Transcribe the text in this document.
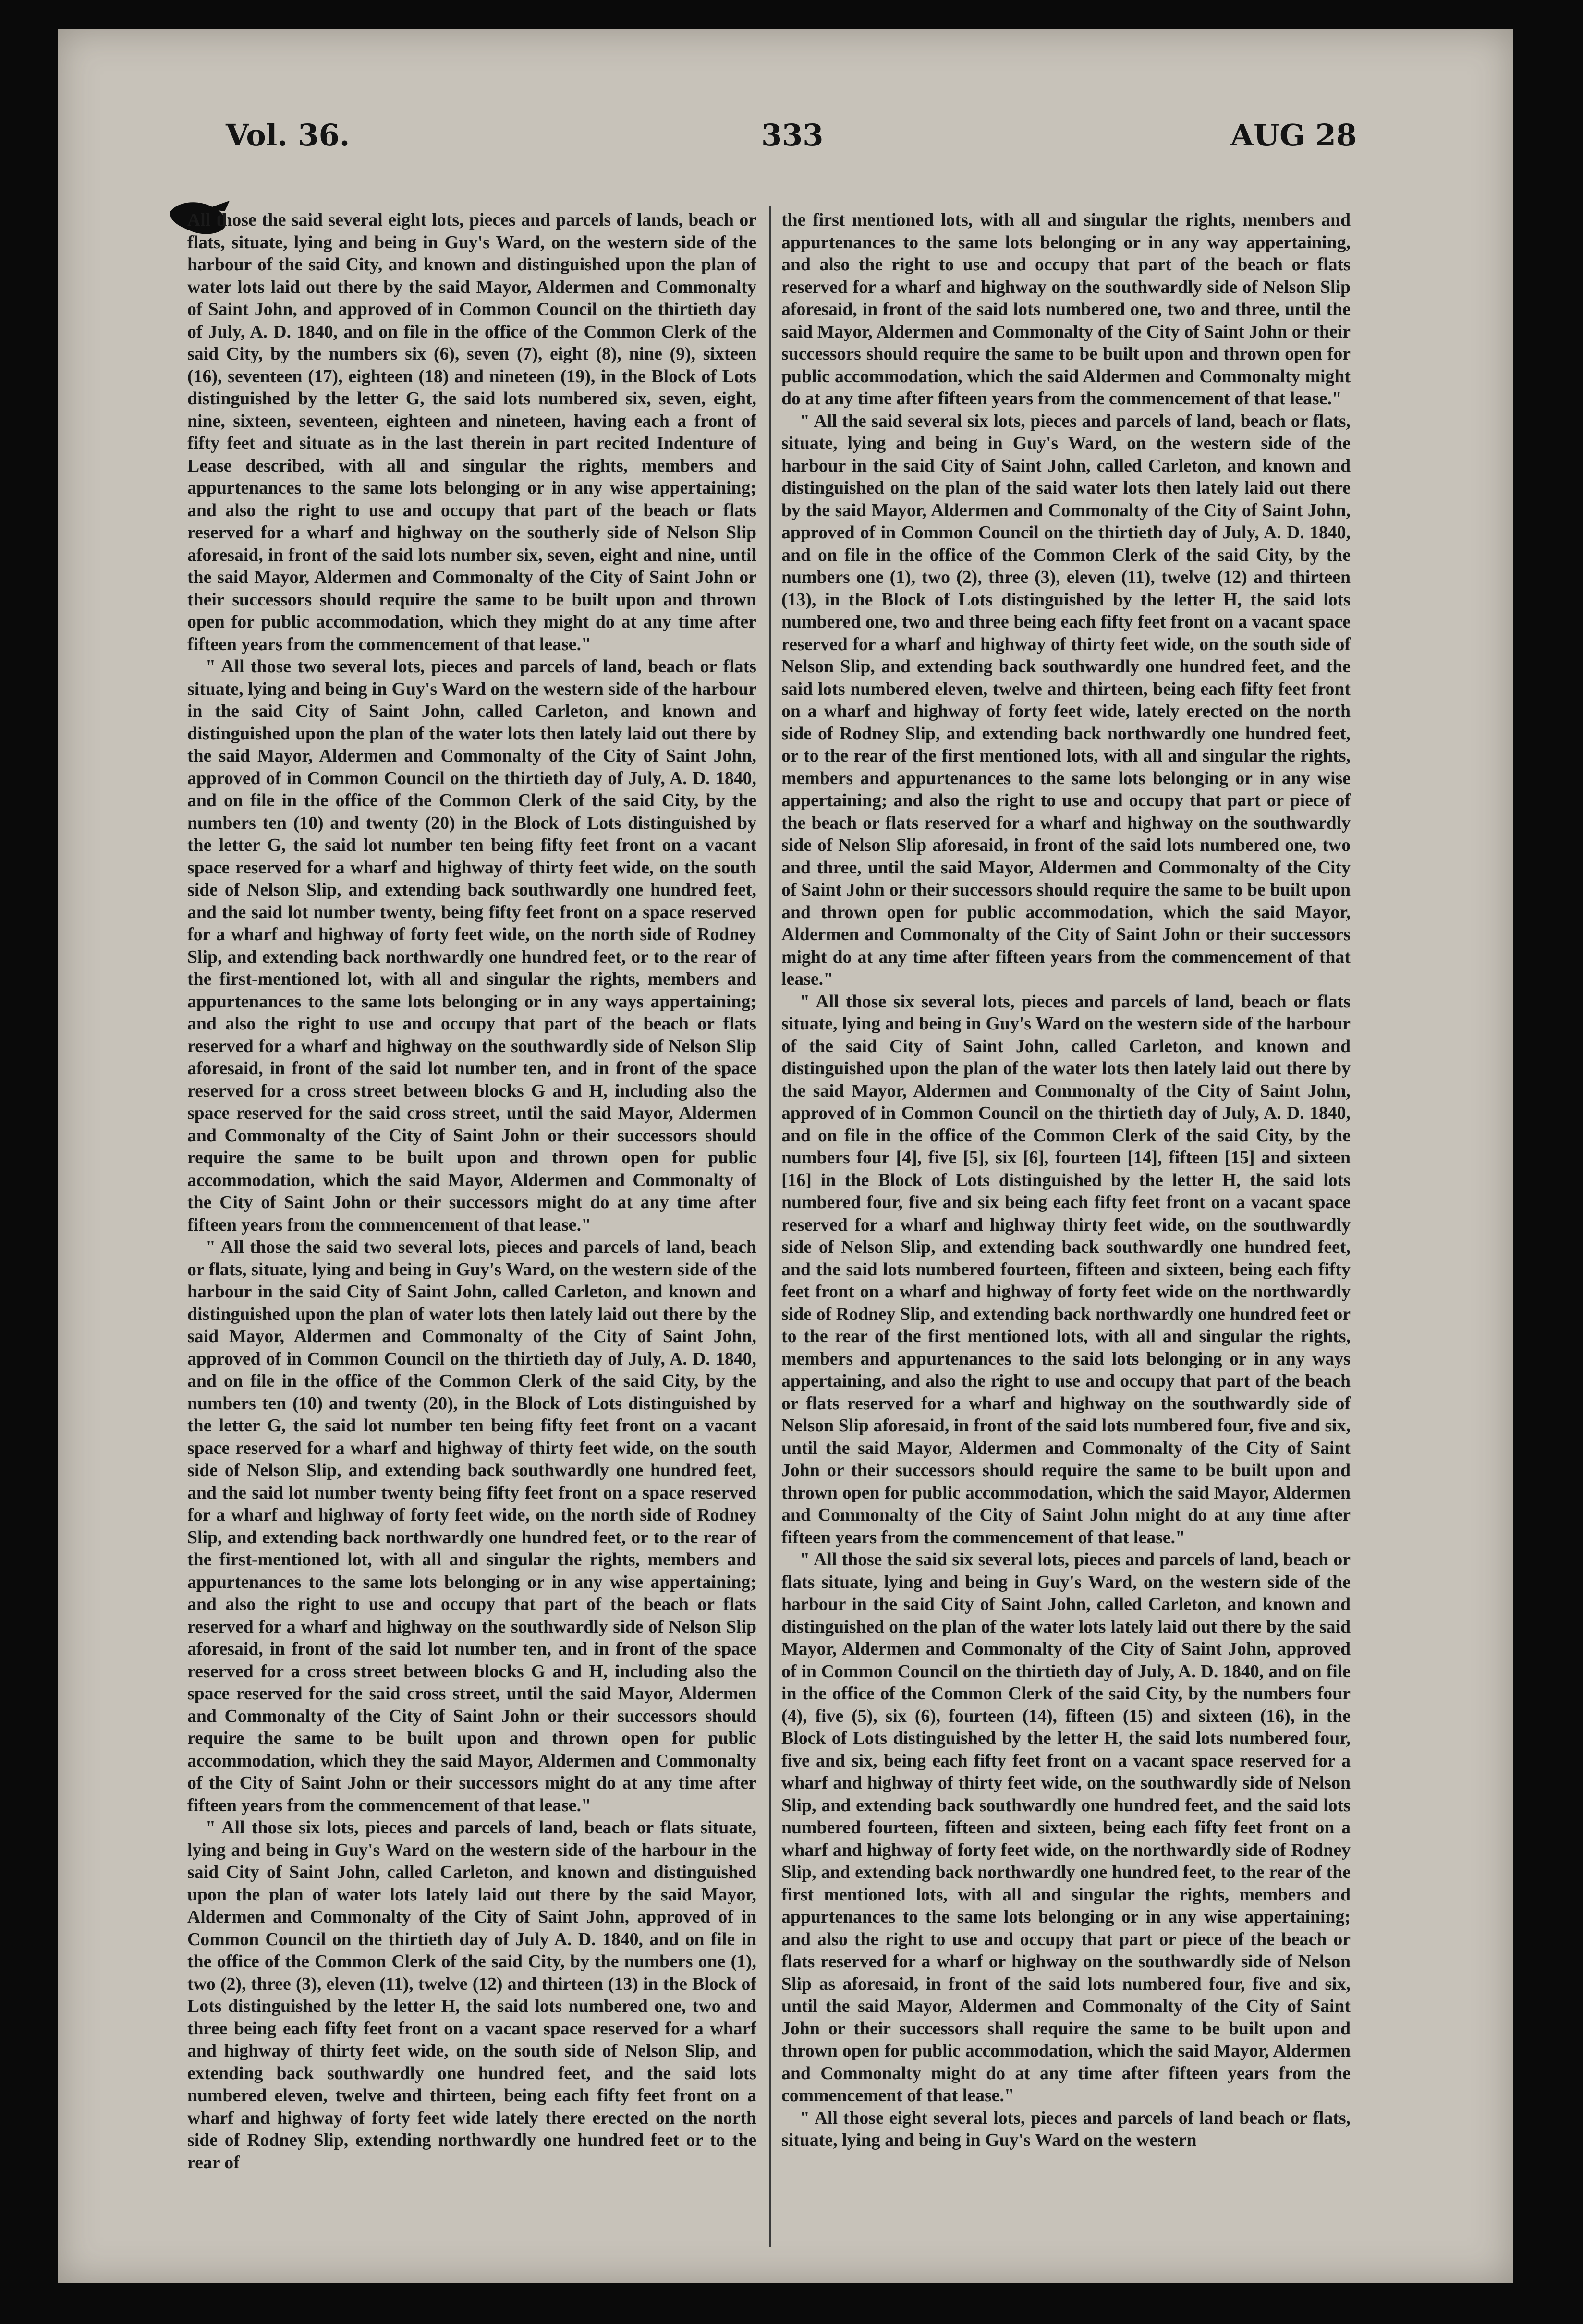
Vol. 36.	333	AUG 28

All those the said several eight lots, pieces and parcels of lands, beach or flats, situate, lying and being in Guy's Ward, on the western side of the harbour of the said City, and known and distinguished upon the plan of water lots laid out there by the said Mayor, Aldermen and Commonalty of Saint John, and approved of in Common Council on the thirtieth day of July, A. D. 1840, and on file in the office of the Common Clerk of the said City, by the numbers six (6), seven (7), eight (8), nine (9), sixteen (16), seventeen (17), eighteen (18) and nineteen (19), in the Block of Lots distinguished by the letter G, the said lots numbered six, seven, eight, nine, sixteen, seventeen, eighteen and nineteen, having each a front of fifty feet and situate as in the last therein in part recited Indenture of Lease described, with all and singular the rights, members and appurtenances to the same lots belonging or in any wise appertaining; and also the right to use and occupy that part of the beach or flats reserved for a wharf and highway on the southerly side of Nelson Slip aforesaid, in front of the said lots number six, seven, eight and nine, until the said Mayor, Aldermen and Commonalty of the City of Saint John or their successors should require the same to be built upon and thrown open for public accommodation, which they might do at any time after fifteen years from the commencement of that lease."

" All those two several lots, pieces and parcels of land, beach or flats situate, lying and being in Guy's Ward on the western side of the harbour in the said City of Saint John, called Carleton, and known and distinguished upon the plan of the water lots then lately laid out there by the said Mayor, Aldermen and Commonalty of the City of Saint John, approved of in Common Council on the thirtieth day of July, A. D. 1840, and on file in the office of the Common Clerk of the said City, by the numbers ten (10) and twenty (20) in the Block of Lots distinguished by the letter G, the said lot number ten being fifty feet front on a vacant space reserved for a wharf and highway of thirty feet wide, on the south side of Nelson Slip, and extending back southwardly one hundred feet, and the said lot number twenty, being fifty feet front on a space reserved for a wharf and highway of forty feet wide, on the north side of Rodney Slip, and extending back northwardly one hundred feet, or to the rear of the first-mentioned lot, with all and singular the rights, members and appurtenances to the same lots belonging or in any ways appertaining; and also the right to use and occupy that part of the beach or flats reserved for a wharf and highway on the southwardly side of Nelson Slip aforesaid, in front of the said lot number ten, and in front of the space reserved for a cross street between blocks G and H, including also the space reserved for the said cross street, until the said Mayor, Aldermen and Commonalty of the City of Saint John or their successors should require the same to be built upon and thrown open for public accommodation, which the said Mayor, Aldermen and Commonalty of the City of Saint John or their successors might do at any time after fifteen years from the commencement of that lease."

" All those the said two several lots, pieces and parcels of land, beach or flats, situate, lying and being in Guy's Ward, on the western side of the harbour in the said City of Saint John, called Carleton, and known and distinguished upon the plan of water lots then lately laid out there by the said Mayor, Aldermen and Commonalty of the City of Saint John, approved of in Common Council on the thirtieth day of July, A. D. 1840, and on file in the office of the Common Clerk of the said City, by the numbers ten (10) and twenty (20), in the Block of Lots distinguished by the letter G, the said lot number ten being fifty feet front on a vacant space reserved for a wharf and highway of thirty feet wide, on the south side of Nelson Slip, and extending back southwardly one hundred feet, and the said lot number twenty being fifty feet front on a space reserved for a wharf and highway of forty feet wide, on the north side of Rodney Slip, and extending back northwardly one hundred feet, or to the rear of the first-mentioned lot, with all and singular the rights, members and appurtenances to the same lots belonging or in any wise appertaining; and also the right to use and occupy that part of the beach or flats reserved for a wharf and highway on the southwardly side of Nelson Slip aforesaid, in front of the said lot number ten, and in front of the space reserved for a cross street between blocks G and H, including also the space reserved for the said cross street, until the said Mayor, Aldermen and Commonalty of the City of Saint John or their successors should require the same to be built upon and thrown open for public accommodation, which they the said Mayor, Aldermen and Commonalty of the City of Saint John or their successors might do at any time after fifteen years from the commencement of that lease."

" All those six lots, pieces and parcels of land, beach or flats situate, lying and being in Guy's Ward on the western side of the harbour in the said City of Saint John, called Carleton, and known and distinguished upon the plan of water lots lately laid out there by the said Mayor, Aldermen and Commonalty of the City of Saint John, approved of in Common Council on the thirtieth day of July A. D. 1840, and on file in the office of the Common Clerk of the said City, by the numbers one (1), two (2), three (3), eleven (11), twelve (12) and thirteen (13) in the Block of Lots distinguished by the letter H, the said lots numbered one, two and three being each fifty feet front on a vacant space reserved for a wharf and highway of thirty feet wide, on the south side of Nelson Slip, and extending back southwardly one hundred feet, and the said lots numbered eleven, twelve and thirteen, being each fifty feet front on a wharf and highway of forty feet wide lately there erected on the north side of Rodney Slip, extending northwardly one hundred feet or to the rear of

the first mentioned lots, with all and singular the rights, members and appurtenances to the same lots belonging or in any way appertaining, and also the right to use and occupy that part of the beach or flats reserved for a wharf and highway on the southwardly side of Nelson Slip aforesaid, in front of the said lots numbered one, two and three, until the said Mayor, Aldermen and Commonalty of the City of Saint John or their successors should require the same to be built upon and thrown open for public accommodation, which the said Aldermen and Commonalty might do at any time after fifteen years from the commencement of that lease."

" All the said several six lots, pieces and parcels of land, beach or flats, situate, lying and being in Guy's Ward, on the western side of the harbour in the said City of Saint John, called Carleton, and known and distinguished on the plan of the said water lots then lately laid out there by the said Mayor, Aldermen and Commonalty of the City of Saint John, approved of in Common Council on the thirtieth day of July, A. D. 1840, and on file in the office of the Common Clerk of the said City, by the numbers one (1), two (2), three (3), eleven (11), twelve (12) and thirteen (13), in the Block of Lots distinguished by the letter H, the said lots numbered one, two and three being each fifty feet front on a vacant space reserved for a wharf and highway of thirty feet wide, on the south side of Nelson Slip, and extending back southwardly one hundred feet, and the said lots numbered eleven, twelve and thirteen, being each fifty feet front on a wharf and highway of forty feet wide, lately erected on the north side of Rodney Slip, and extending back northwardly one hundred feet, or to the rear of the first mentioned lots, with all and singular the rights, members and appurtenances to the same lots belonging or in any wise appertaining; and also the right to use and occupy that part or piece of the beach or flats reserved for a wharf and highway on the southwardly side of Nelson Slip aforesaid, in front of the said lots numbered one, two and three, until the said Mayor, Aldermen and Commonalty of the City of Saint John or their successors should require the same to be built upon and thrown open for public accommodation, which the said Mayor, Aldermen and Commonalty of the City of Saint John or their successors might do at any time after fifteen years from the commencement of that lease."

" All those six several lots, pieces and parcels of land, beach or flats situate, lying and being in Guy's Ward on the western side of the harbour of the said City of Saint John, called Carleton, and known and distinguished upon the plan of the water lots then lately laid out there by the said Mayor, Aldermen and Commonalty of the City of Saint John, approved of in Common Council on the thirtieth day of July, A. D. 1840, and on file in the office of the Common Clerk of the said City, by the numbers four [4], five [5], six [6], fourteen [14], fifteen [15] and sixteen [16] in the Block of Lots distinguished by the letter H, the said lots numbered four, five and six being each fifty feet front on a vacant space reserved for a wharf and highway thirty feet wide, on the southwardly side of Nelson Slip, and extending back southwardly one hundred feet, and the said lots numbered fourteen, fifteen and sixteen, being each fifty feet front on a wharf and highway of forty feet wide on the northwardly side of Rodney Slip, and extending back northwardly one hundred feet or to the rear of the first mentioned lots, with all and singular the rights, members and appurtenances to the said lots belonging or in any ways appertaining, and also the right to use and occupy that part of the beach or flats reserved for a wharf and highway on the southwardly side of Nelson Slip aforesaid, in front of the said lots numbered four, five and six, until the said Mayor, Aldermen and Commonalty of the City of Saint John or their successors should require the same to be built upon and thrown open for public accommodation, which the said Mayor, Aldermen and Commonalty of the City of Saint John might do at any time after fifteen years from the commencement of that lease."

" All those the said six several lots, pieces and parcels of land, beach or flats situate, lying and being in Guy's Ward, on the western side of the harbour in the said City of Saint John, called Carleton, and known and distinguished on the plan of the water lots lately laid out there by the said Mayor, Aldermen and Commonalty of the City of Saint John, approved of in Common Council on the thirtieth day of July, A. D. 1840, and on file in the office of the Common Clerk of the said City, by the numbers four (4), five (5), six (6), fourteen (14), fifteen (15) and sixteen (16), in the Block of Lots distinguished by the letter H, the said lots numbered four, five and six, being each fifty feet front on a vacant space reserved for a wharf and highway of thirty feet wide, on the southwardly side of Nelson Slip, and extending back southwardly one hundred feet, and the said lots numbered fourteen, fifteen and sixteen, being each fifty feet front on a wharf and highway of forty feet wide, on the northwardly side of Rodney Slip, and extending back northwardly one hundred feet, to the rear of the first mentioned lots, with all and singular the rights, members and appurtenances to the same lots belonging or in any wise appertaining; and also the right to use and occupy that part or piece of the beach or flats reserved for a wharf or highway on the southwardly side of Nelson Slip as aforesaid, in front of the said lots numbered four, five and six, until the said Mayor, Aldermen and Commonalty of the City of Saint John or their successors shall require the same to be built upon and thrown open for public accommodation, which the said Mayor, Aldermen and Commonalty might do at any time after fifteen years from the commencement of that lease."

" All those eight several lots, pieces and parcels of land beach or flats, situate, lying and being in Guy's Ward on the western
